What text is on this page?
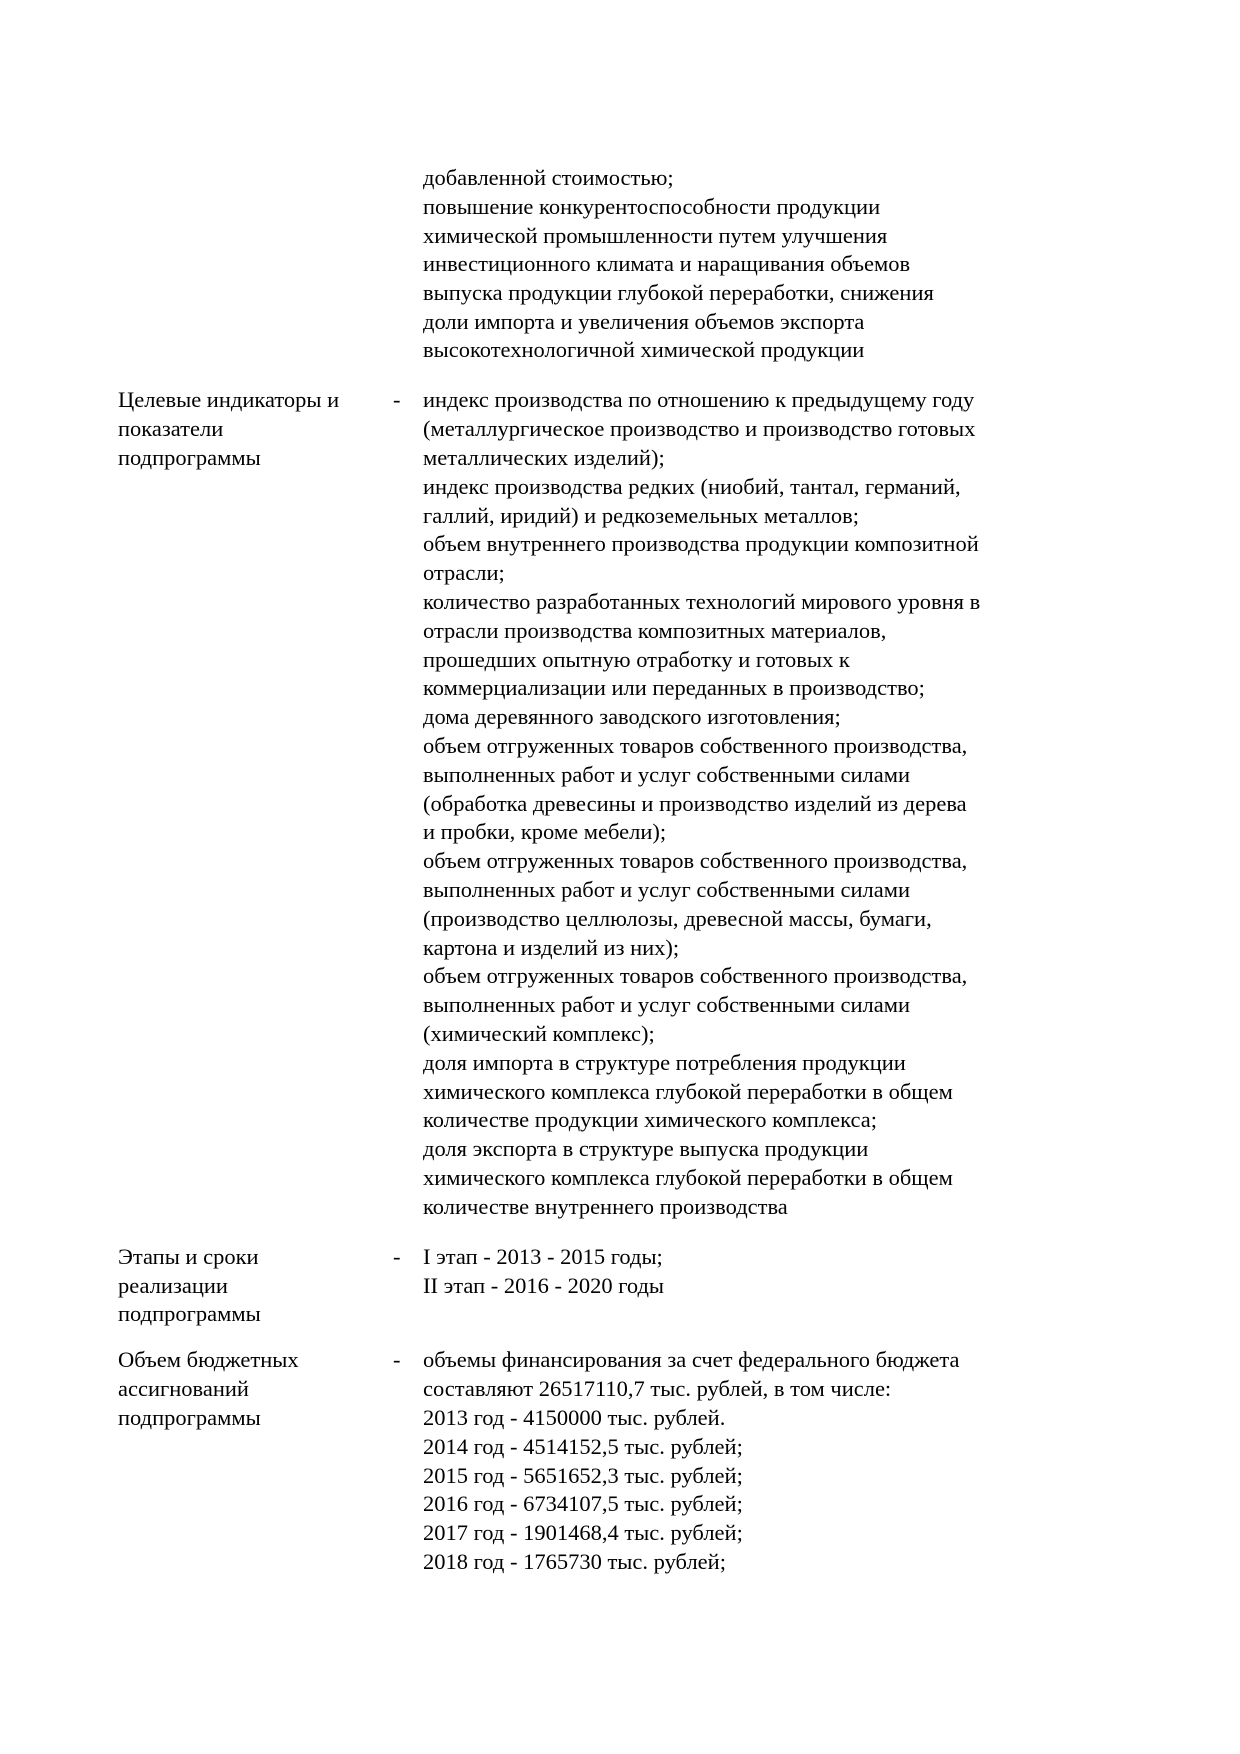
добавленной стоимостью;
повышение конкурентоспособности продукции
химической промышленности путем улучшения
инвестиционного климата и наращивания объемов
выпуска продукции глубокой переработки, снижения
доли импорта и увеличения объемов экспорта
высокотехнологичной химической продукции
Целевые индикаторы и
показатели
подпрограммы
- индекс производства по отношению к предыдущему году
(металлургическое производство и производство готовых
металлических изделий);
индекс производства редких (ниобий, тантал, германий,
галлий, иридий) и редкоземельных металлов;
объем внутреннего производства продукции композитной
отрасли;
количество разработанных технологий мирового уровня в
отрасли производства композитных материалов,
прошедших опытную отработку и готовых к
коммерциализации или переданных в производство;
дома деревянного заводского изготовления;
объем отгруженных товаров собственного производства,
выполненных работ и услуг собственными силами
(обработка древесины и производство изделий из дерева
и пробки, кроме мебели);
объем отгруженных товаров собственного производства,
выполненных работ и услуг собственными силами
(производство целлюлозы, древесной массы, бумаги,
картона и изделий из них);
объем отгруженных товаров собственного производства,
выполненных работ и услуг собственными силами
(химический комплекс);
доля импорта в структуре потребления продукции
химического комплекса глубокой переработки в общем
количестве продукции химического комплекса;
доля экспорта в структуре выпуска продукции
химического комплекса глубокой переработки в общем
количестве внутреннего производства
Этапы и сроки
реализации
подпрограммы
- I этап - 2013 - 2015 годы;
II этап - 2016 - 2020 годы
Объем бюджетных
ассигнований
подпрограммы
- объемы финансирования за счет федерального бюджета
составляют 26517110,7 тыс. рублей, в том числе:
2013 год - 4150000 тыс. рублей.
2014 год - 4514152,5 тыс. рублей;
2015 год - 5651652,3 тыс. рублей;
2016 год - 6734107,5 тыс. рублей;
2017 год - 1901468,4 тыс. рублей;
2018 год - 1765730 тыс. рублей;
